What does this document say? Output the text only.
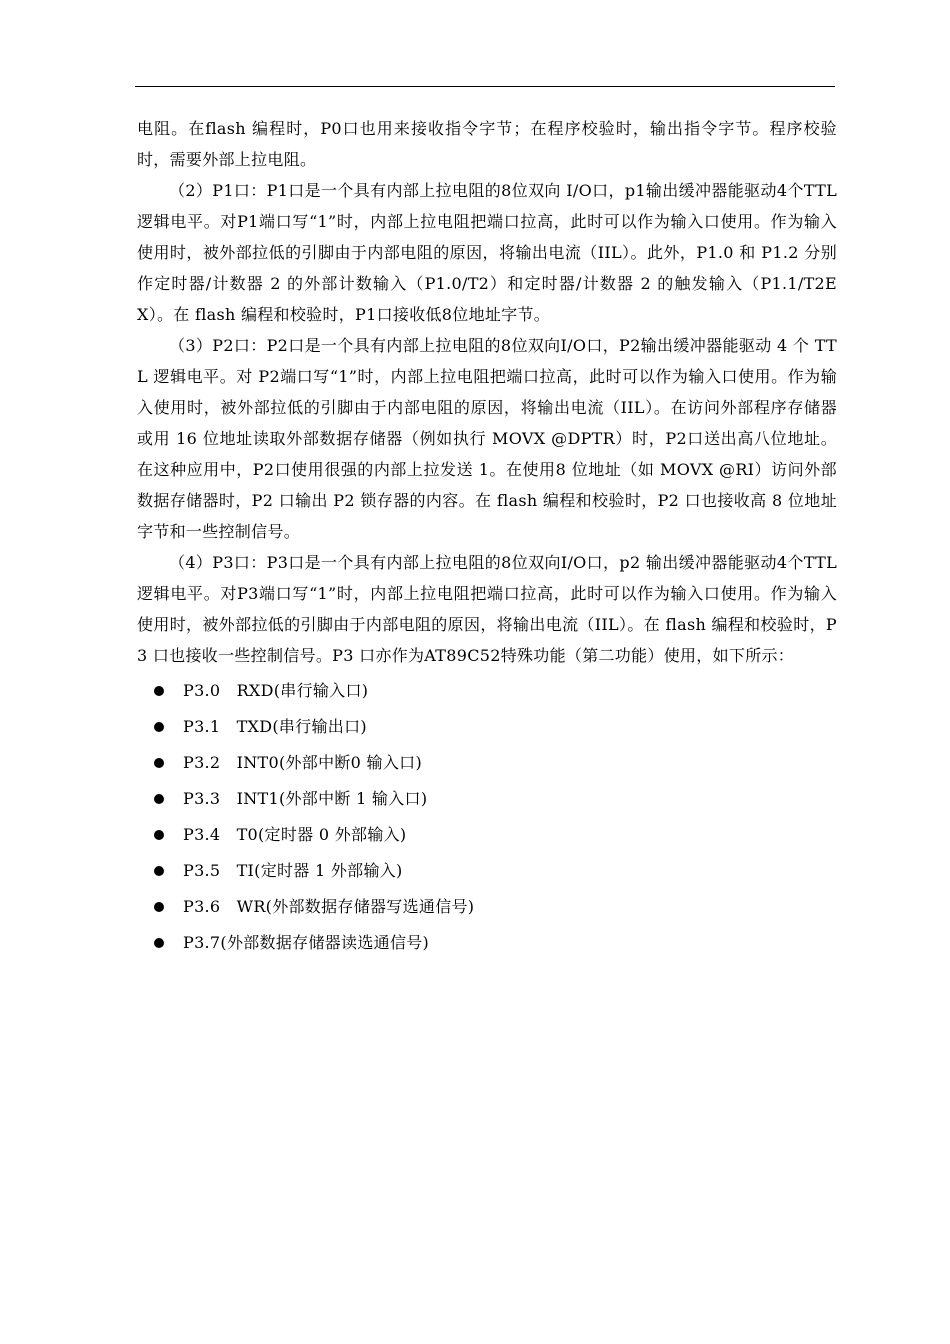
电阻。在flash 编程时，P0口也用来接收指令字节；在程序校验时，输出指令字节。程序校验时，需要外部上拉电阻。

（2）P1口：P1口是一个具有内部上拉电阻的8位双向 I/O口，p1输出缓冲器能驱动4个TTL 逻辑电平。对P1端口写“1”时，内部上拉电阻把端口拉高，此时可以作为输入口使用。作为输入使用时，被外部拉低的引脚由于内部电阻的原因，将输出电流（IIL）。此外，P1.0 和 P1.2 分别作定时器/计数器 2 的外部计数输入（P1.0/T2）和定时器/计数器 2 的触发输入（P1.1/T2EX）。在 flash 编程和校验时，P1口接收低8位地址字节。

（3）P2口：P2口是一个具有内部上拉电阻的8位双向I/O口，P2输出缓冲器能驱动 4 个 TTL 逻辑电平。对 P2端口写“1”时，内部上拉电阻把端口拉高，此时可以作为输入口使用。作为输入使用时，被外部拉低的引脚由于内部电阻的原因，将输出电流（IIL）。在访问外部程序存储器或用 16 位地址读取外部数据存储器（例如执行 MOVX @DPTR）时，P2口送出高八位地址。在这种应用中，P2口使用很强的内部上拉发送 1。在使用8 位地址（如 MOVX @RI）访问外部数据存储器时，P2 口输出 P2 锁存器的内容。在 flash 编程和校验时，P2 口也接收高 8 位地址字节和一些控制信号。

（4）P3口：P3口是一个具有内部上拉电阻的8位双向I/O口，p2 输出缓冲器能驱动4个TTL逻辑电平。对P3端口写“1”时，内部上拉电阻把端口拉高，此时可以作为输入口使用。作为输入使用时，被外部拉低的引脚由于内部电阻的原因，将输出电流（IIL）。在 flash 编程和校验时，P3 口也接收一些控制信号。P3 口亦作为AT89C52特殊功能（第二功能）使用，如下所示：

P3.0   RXD(串行输入口)
P3.1   TXD(串行输出口)
P3.2   INT0(外部中断0 输入口)
P3.3   INT1(外部中断 1 输入口)
P3.4   T0(定时器 0 外部输入)
P3.5   TI(定时器 1 外部输入)
P3.6   WR(外部数据存储器写选通信号)
P3.7(外部数据存储器读选通信号)
